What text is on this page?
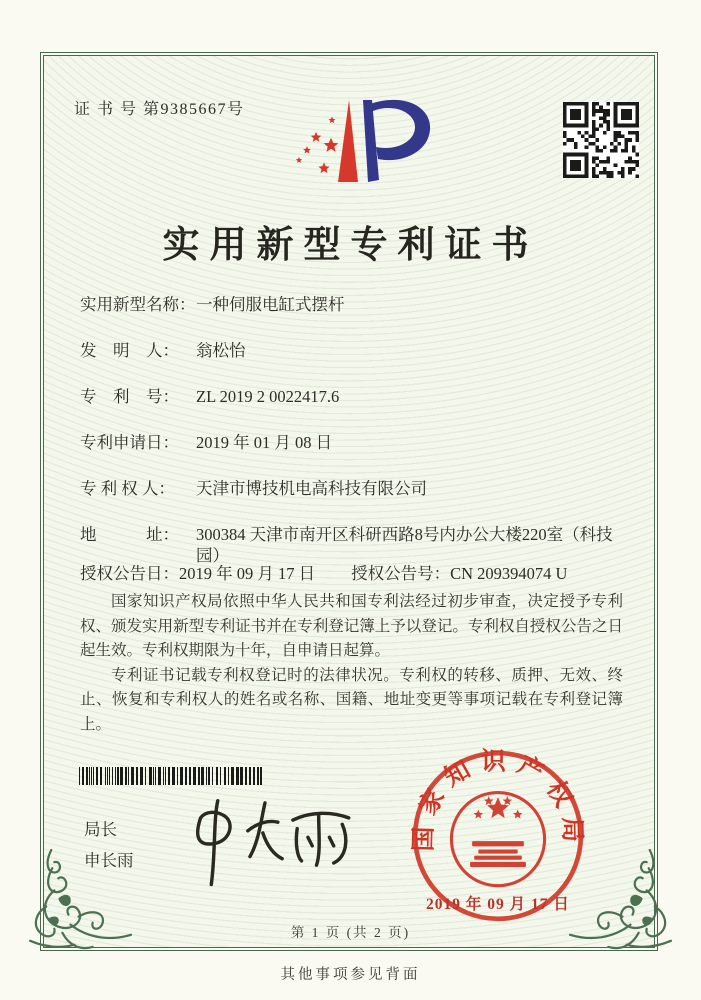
证 书 号 第9385667号
实用新型专利证书
实用新型名称： 一种伺服电缸式摆杆
发　明　人：	翁松怡
专　利　号：	ZL 2019 2 0022417.6
专利申请日：	2019 年 01 月 08 日
专 利 权 人：	天津市博技机电高科技有限公司
地　　　址：	300384 天津市南开区科研西路8号内办公大楼220室（科技园）
授权公告日： 2019 年 09 月 17 日 授权公告号： CN 209394074 U

国家知识产权局依照中华人民共和国专利法经过初步审查，决定授予专利权、颁发实用新型专利证书并在专利登记簿上予以登记。专利权自授权公告之日起生效。专利权期限为十年，自申请日起算。

专利证书记载专利权登记时的法律状况。专利权的转移、质押、无效、终止、恢复和专利权人的姓名或名称、国籍、地址变更等事项记载在专利登记簿上。

局长
申长雨
国家知识产权局
2019 年 09 月 17 日
第 1 页 (共 2 页)
其他事项参见背面
